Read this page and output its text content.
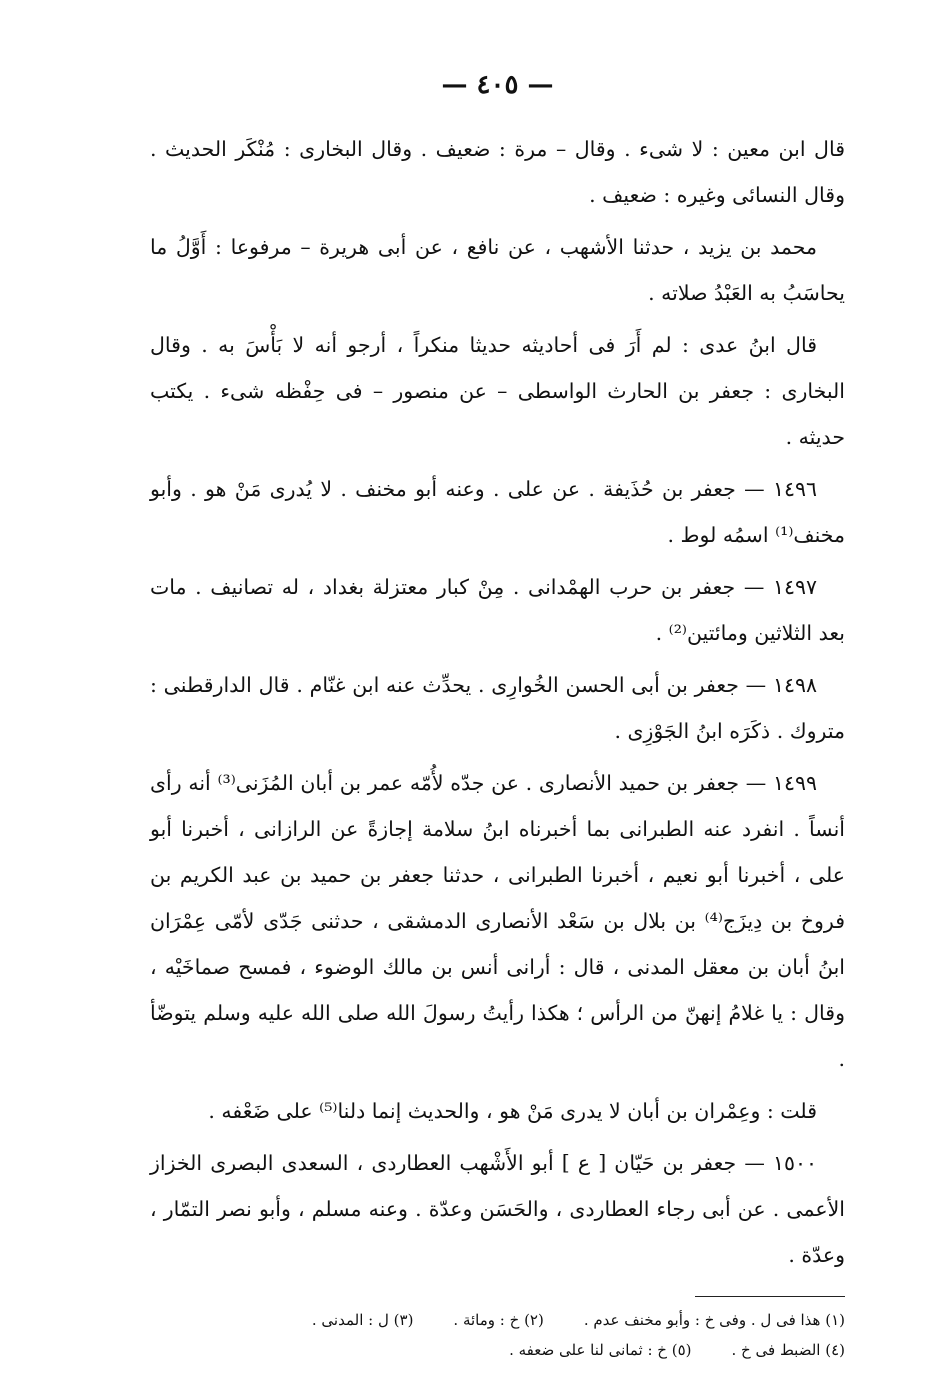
— ٤٠٥ —

قال ابن معين : لا شىء . وقال – مرة : ضعيف . وقال البخارى : مُنْكَر الحديث . وقال النسائى وغيره : ضعيف .

محمد بن يزيد ، حدثنا الأشهب ، عن نافع ، عن أبى هريرة – مرفوعا : أَوَّلُ ما يحاسَبُ به العَبْدُ صلاته .

قال ابنُ عدى : لم أَرَ فى أحاديثه حديثا منكراً ، أرجو أنه لا بَأْسَ به . وقال البخارى : جعفر بن الحارث الواسطى – عن منصور – فى حِفْظه شىء . يكتب حديثه .

١٤٩٦ — جعفر بن حُذَيفة . عن على . وعنه أبو مخنف . لا يُدرى مَنْ هو . وأبو مخنف⁽¹⁾ اسمُه لوط .

١٤٩٧ — جعفر بن حرب الهمْدانى . مِنْ كبار معتزلة بغداد ، له تصانيف . مات بعد الثلاثين ومائتين⁽²⁾ .

١٤٩٨ — جعفر بن أبى الحسن الخُوارِى . يحدِّث عنه ابن غنّام . قال الدارقطنى : متروك . ذكَرَه ابنُ الجَوْزِى .

١٤٩٩ — جعفر بن حميد الأنصارى . عن جدّه لأُمّه عمر بن أبان المُزَنى⁽³⁾ أنه رأى أنساً . انفرد عنه الطبرانى بما أخبرناه ابنُ سلامة إجازةً عن الرازانى ، أخبرنا أبو على ، أخبرنا أبو نعيم ، أخبرنا الطبرانى ، حدثنا جعفر بن حميد بن عبد الكريم بن فروخ بن دِيزَج⁽⁴⁾ بن بلال بن سَعْد الأنصارى الدمشقى ، حدثنى جَدّى لأمّى عِمْرَان ابنُ أبان بن معقل المدنى ، قال : أرانى أنس بن مالك الوضوء ، فمسح صماخَيْه ، وقال : يا غلامُ إنهنّ من الرأس ؛ هكذا رأيتُ رسولَ الله صلى الله عليه وسلم يتوضّأ .

قلت : وعِمْران بن أبان لا يدرى مَنْ هو ، والحديث إنما دلنا⁽⁵⁾ على ضَعْفه .

١٥٠٠ — جعفر بن حَيّان [ ع ] أبو الأَشْهب العطاردى ، السعدى البصرى الخزاز الأعمى . عن أبى رجاء العطاردى ، والحَسَن وعدّة . وعنه مسلم ، وأبو نصر التمّار ، وعدّة .

(١) هذا فى ل . وفى خ : وأبو مخنف عدم .
(٢) خ : ومائة .
(٣) ل : المدنى .
(٤) الضبط فى خ .
(٥) خ : ثمانى لنا على ضعفه .
